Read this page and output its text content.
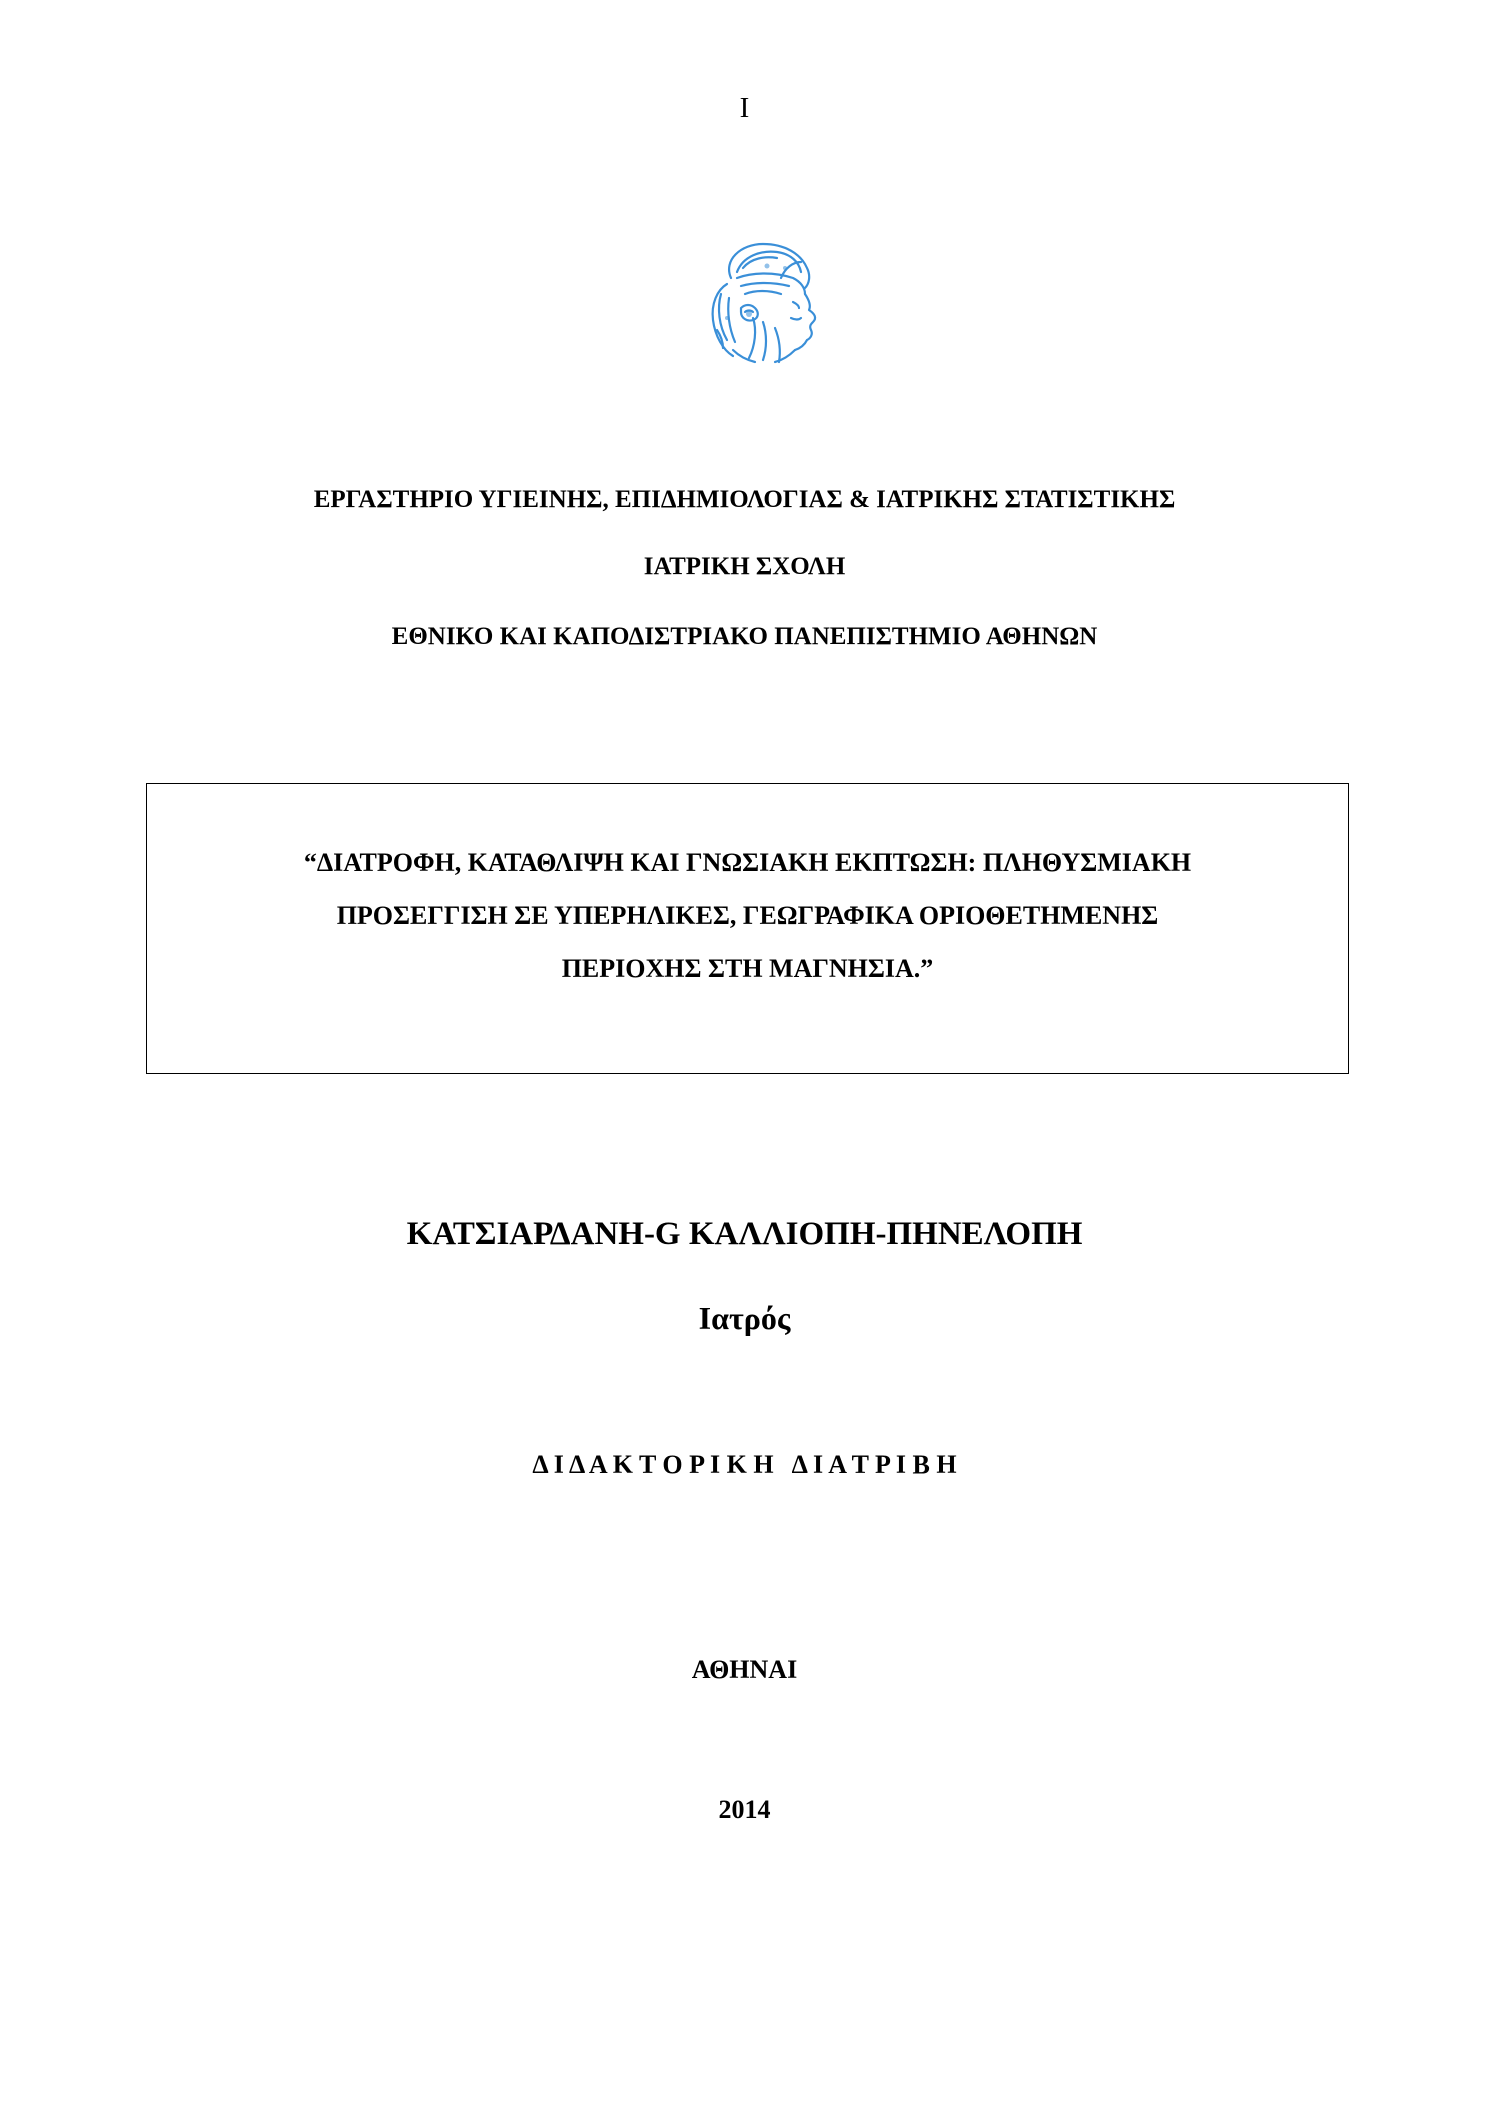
I
ΕΡΓΑΣΤΗΡΙΟ ΥΓΙΕΙΝΗΣ, ΕΠΙΔΗΜΙΟΛΟΓΙΑΣ & ΙΑΤΡΙΚΗΣ ΣΤΑΤΙΣΤΙΚΗΣ
ΙΑΤΡΙΚΗ ΣΧΟΛΗ
ΕΘΝΙΚΟ ΚΑΙ ΚΑΠΟΔΙΣΤΡΙΑΚΟ ΠΑΝΕΠΙΣΤΗΜΙΟ ΑΘΗΝΩΝ
“ΔΙΑΤΡΟΦΗ, ΚΑΤΑΘΛΙΨΗ ΚΑΙ ΓΝΩΣΙΑΚΗ ΕΚΠΤΩΣΗ: ΠΛΗΘΥΣΜΙΑΚΗ
ΠΡΟΣΕΓΓΙΣΗ ΣΕ ΥΠΕΡΗΛΙΚΕΣ, ΓΕΩΓΡΑΦΙΚΑ ΟΡΙΟΘΕΤΗΜΕΝΗΣ
ΠΕΡΙΟΧΗΣ ΣΤΗ ΜΑΓΝΗΣΙΑ.”
ΚΑΤΣΙΑΡΔΑΝΗ-G ΚΑΛΛΙΟΠΗ-ΠΗΝΕΛΟΠΗ
Ιατρός
Δ Ι Δ Α Κ Τ Ο Ρ Ι Κ Η   Δ Ι Α Τ Ρ Ι Β Η
ΑΘΗΝΑΙ
2014
